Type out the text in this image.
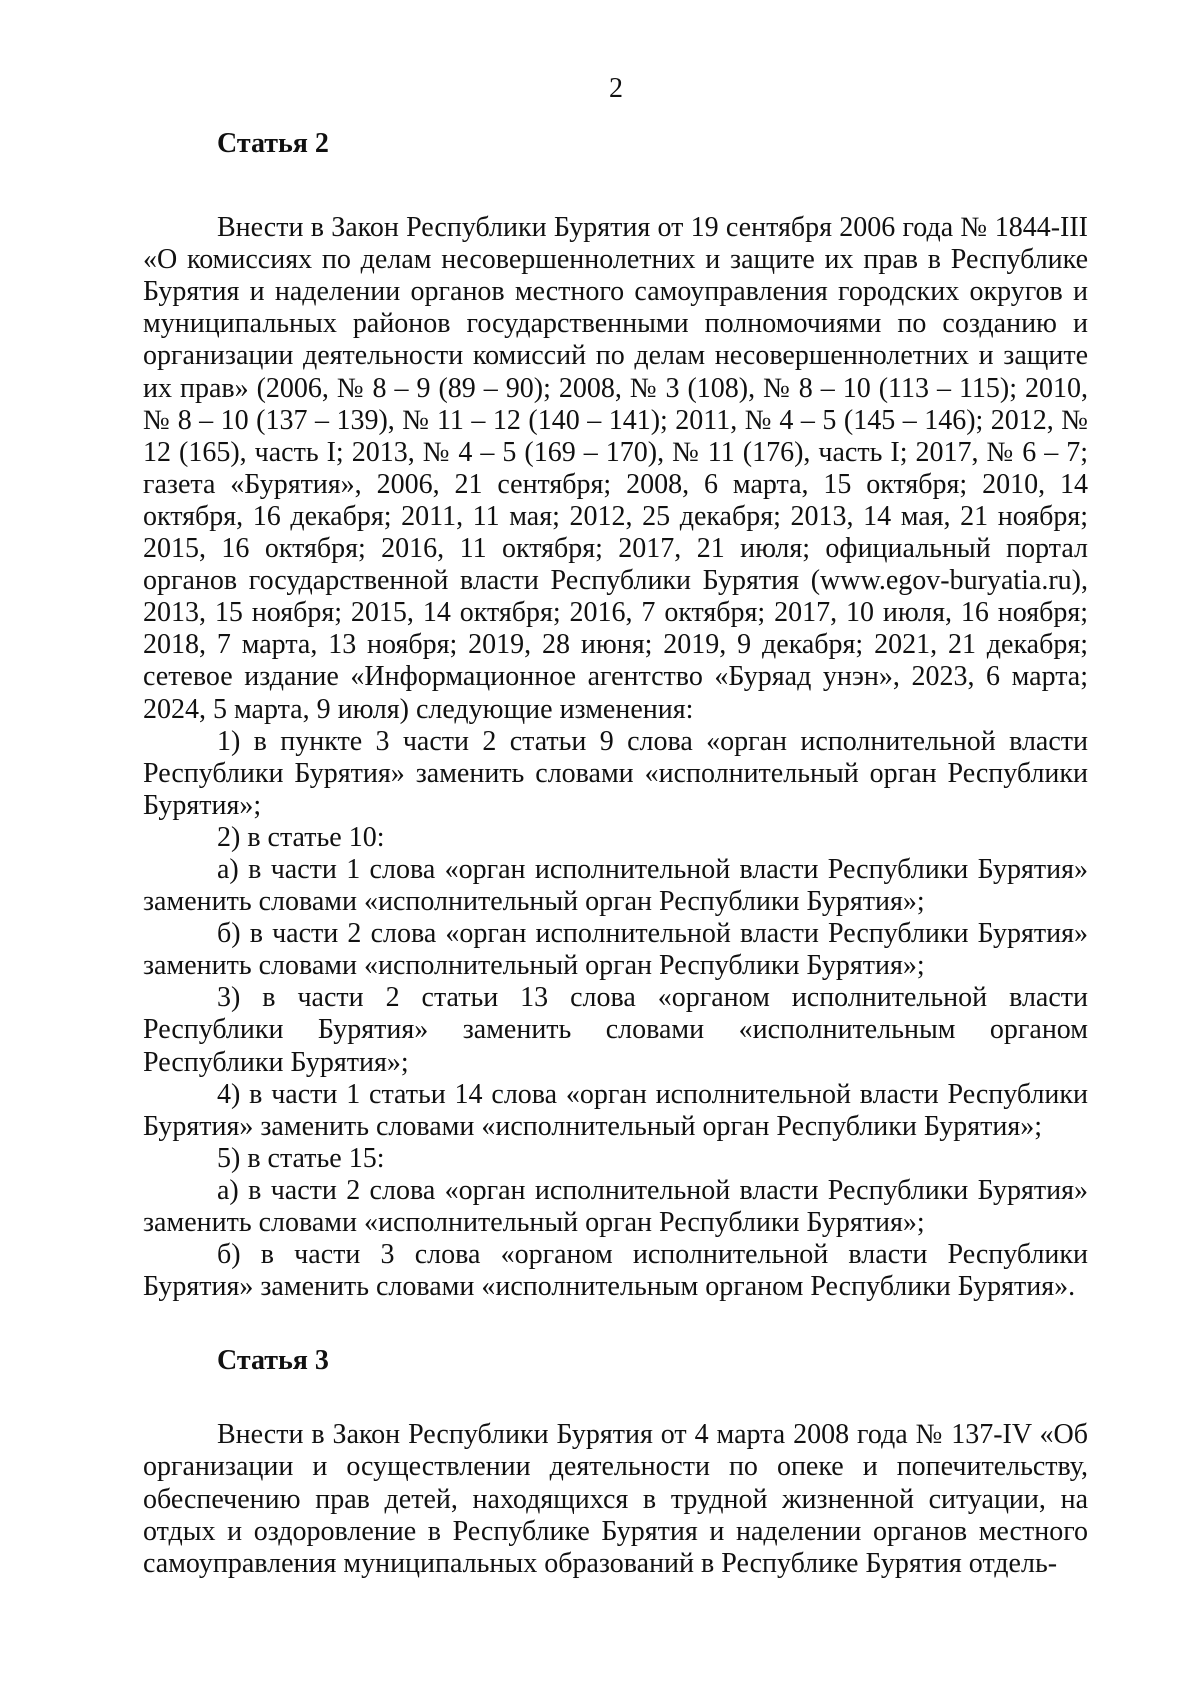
2
Статья 2

Внести в Закон Республики Бурятия от 19 сентября 2006 года № 1844-III «О комиссиях по делам несовершеннолетних и защите их прав в Республике Бурятия и наделении органов местного самоуправления городских округов и муниципальных районов государственными полномочиями по созданию и организации деятельности комиссий по делам несовершеннолетних и защите их прав» (2006, № 8 – 9 (89 – 90); 2008, № 3 (108), № 8 – 10 (113 – 115); 2010, № 8 – 10 (137 – 139), № 11 – 12 (140 – 141); 2011, № 4 – 5 (145 – 146); 2012, № 12 (165), часть I; 2013, № 4 – 5 (169 – 170), № 11 (176), часть I; 2017, № 6 – 7; газета «Бурятия», 2006, 21 сентября; 2008, 6 марта, 15 октября; 2010, 14 октября, 16 декабря; 2011, 11 мая; 2012, 25 декабря; 2013, 14 мая, 21 ноября; 2015, 16 октября; 2016, 11 октября; 2017, 21 июля; официальный портал органов государственной власти Республики Бурятия (www.egov-buryatia.ru), 2013, 15 ноября; 2015, 14 октября; 2016, 7 октября; 2017, 10 июля, 16 ноября; 2018, 7 марта, 13 ноября; 2019, 28 июня; 2019, 9 декабря; 2021, 21 декабря; сетевое издание «Информационное агентство «Буряад унэн», 2023, 6 марта; 2024, 5 марта, 9 июля) следующие изменения:

1) в пункте 3 части 2 статьи 9 слова «орган исполнительной власти Республики Бурятия» заменить словами «исполнительный орган Республики Бурятия»;

2) в статье 10:

а) в части 1 слова «орган исполнительной власти Республики Бурятия» заменить словами «исполнительный орган Республики Бурятия»;

б) в части 2 слова «орган исполнительной власти Республики Бурятия» заменить словами «исполнительный орган Республики Бурятия»;

3) в части 2 статьи 13 слова «органом исполнительной власти Республики Бурятия» заменить словами «исполнительным органом Республики Бурятия»;

4) в части 1 статьи 14 слова «орган исполнительной власти Республики Бурятия» заменить словами «исполнительный орган Республики Бурятия»;

5) в статье 15:

а) в части 2 слова «орган исполнительной власти Республики Бурятия» заменить словами «исполнительный орган Республики Бурятия»;

б) в части 3 слова «органом исполнительной власти Республики Бурятия» заменить словами «исполнительным органом Республики Бурятия».

Статья 3

Внести в Закон Республики Бурятия от 4 марта 2008 года № 137-IV «Об организации и осуществлении деятельности по опеке и попечительству, обеспечению прав детей, находящихся в трудной жизненной ситуации, на отдых и оздоровление в Республике Бурятия и наделении органов местного самоуправления муниципальных образований в Республике Бурятия отдель-
